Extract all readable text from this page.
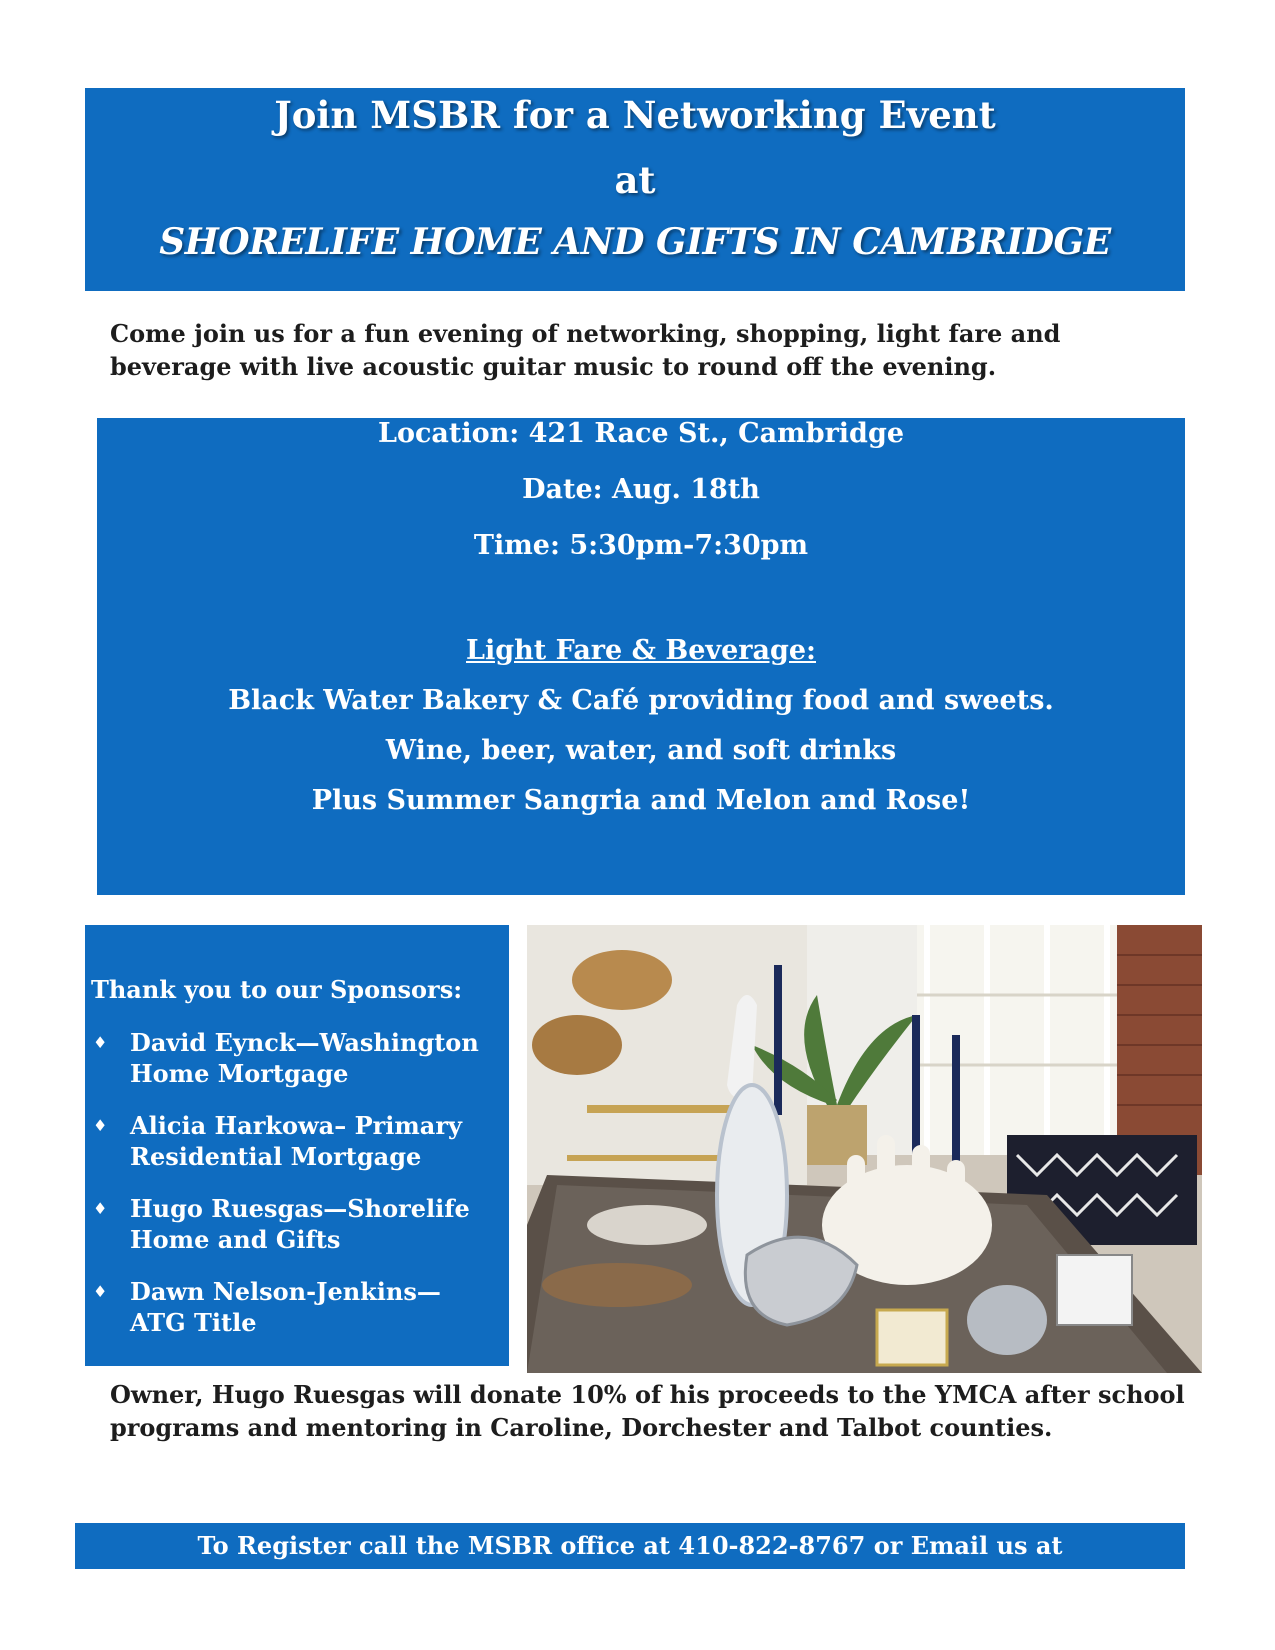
Join MSBR for a Networking Event
at
SHORELIFE HOME AND GIFTS IN CAMBRIDGE
Come join us for a fun evening of networking, shopping, light fare and beverage with live acoustic guitar music to round off the evening.
Location: 421 Race St., Cambridge
Date: Aug. 18th
Time: 5:30pm-7:30pm
Light Fare & Beverage:
Black Water Bakery & Café providing food and sweets.
Wine, beer, water, and soft drinks
Plus Summer Sangria and Melon and Rose!
Thank you to our Sponsors:
♦ David Eynck—Washington Home Mortgage
♦ Alicia Harkowa– Primary Residential Mortgage
♦ Hugo Ruesgas—Shorelife Home and Gifts
♦ Dawn Nelson-Jenkins—ATG Title
Owner, Hugo Ruesgas will donate 10% of his proceeds to the YMCA after school programs and mentoring in Caroline, Dorchester and Talbot counties.
To Register call the MSBR office at 410-822-8767 or Email us at info@msbrmd.com
